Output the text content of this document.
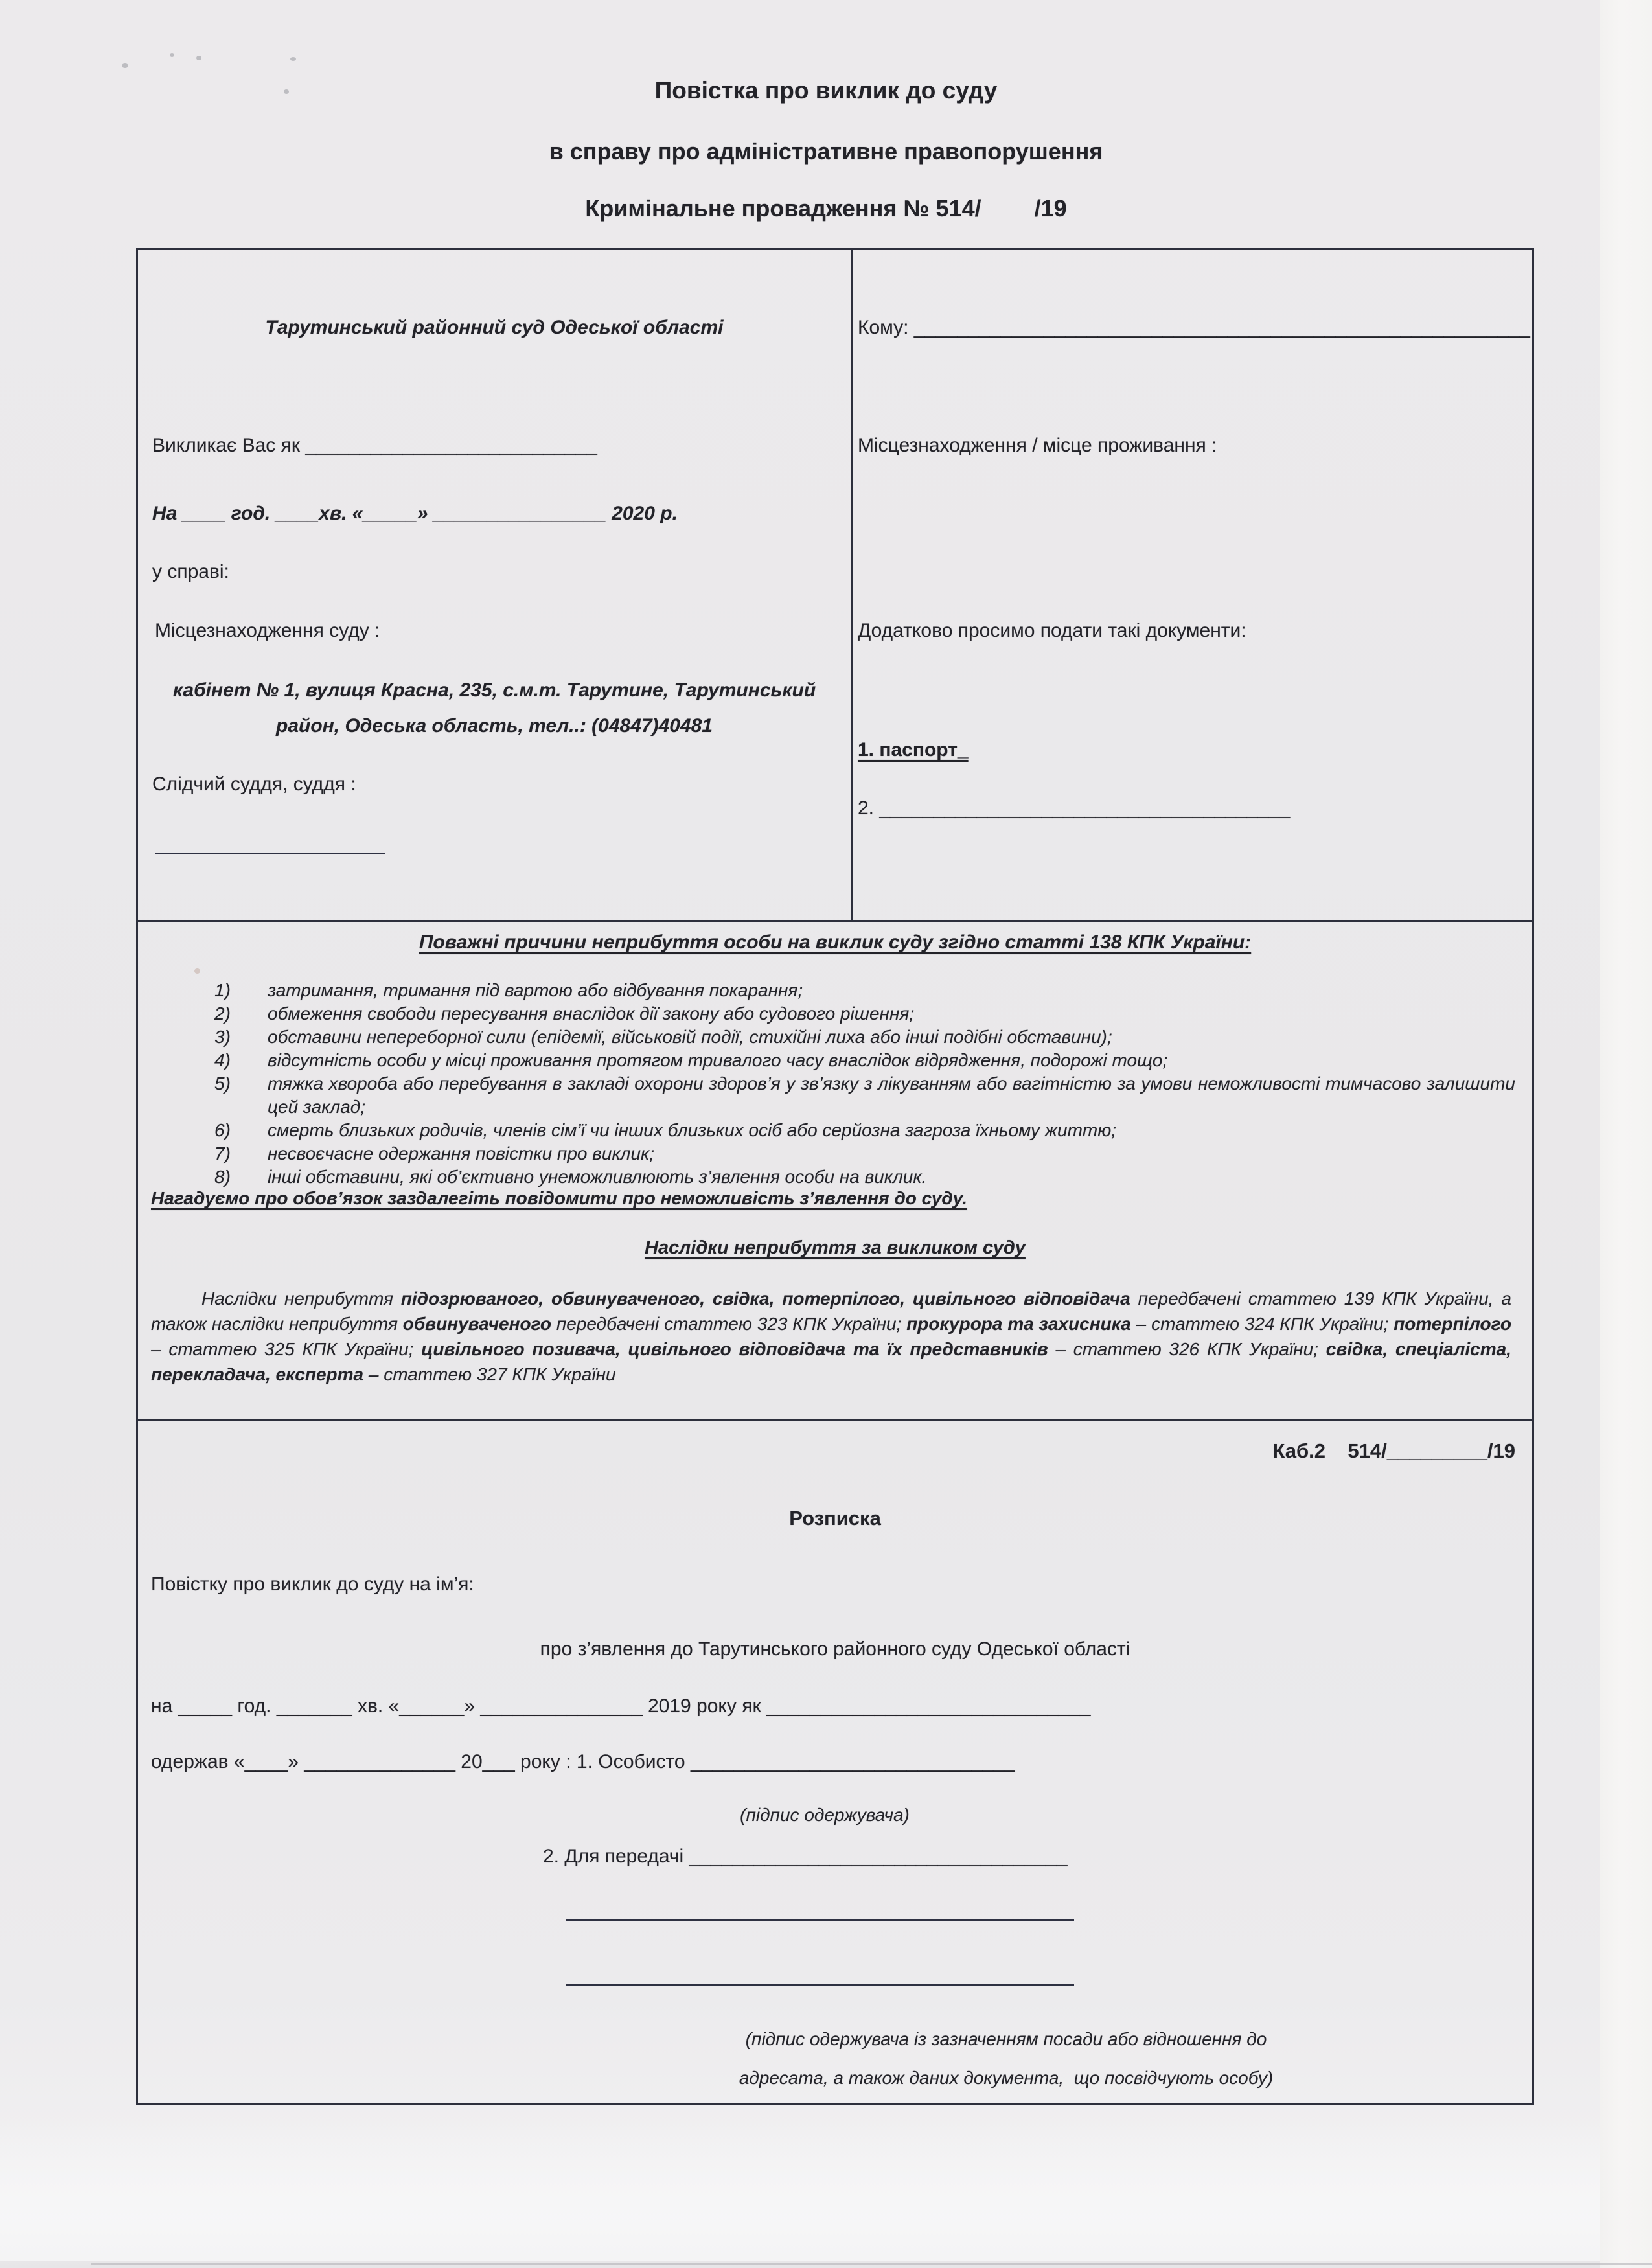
Повістка про виклик до суду
в справу про адміністративне правопорушення
Кримінальне провадження № 514/ /19
Тарутинський районний суд Одеської області
Викликає Вас як ___________________________
На ____ год. ____хв. «_____» ________________ 2020 р.
у справі:
Місцезнаходження суду :
кабінет № 1, вулиця Красна, 235, с.м.т. Тарутине, Тарутинський
район, Одеська область, тел..: (04847)40481
Слідчий суддя, суддя :
Кому: _________________________________________________________
Місцезнаходження / місце проживання :
Додатково просимо подати такі документи:
1. паспорт_
2. ______________________________________
Поважні причини неприбуття особи на виклик суду згідно статті 138 КПК України:
1)	затримання, тримання під вартою або відбування покарання;
2)	обмеження свободи пересування внаслідок дії закону або судового рішення;
3)	обставини непереборної сили (епідемії, військовій події, стихійні лиха або інші подібні обставини);
4)	відсутність особи у місці проживання протягом тривалого часу внаслідок відрядження, подорожі тощо;
5)	тяжка хвороба або перебування в закладі охорони здоров’я у зв’язку з лікуванням або вагітністю за умови неможливості тимчасово залишити цей заклад;
6)	смерть близьких родичів, членів сім’ї чи інших близьких осіб або серйозна загроза їхньому життю;
7)	несвоєчасне одержання повістки про виклик;
8)	інші обставини, які об’єктивно унеможливлюють з’явлення особи на виклик.
Нагадуємо про обов’язок заздалегіть повідомити про неможливість з’явлення до суду.
Наслідки неприбуття за викликом суду
Наслідки неприбуття підозрюваного, обвинуваченого, свідка, потерпілого, цивільного відповідача передбачені статтею 139 КПК України, а також наслідки неприбуття обвинуваченого передбачені статтею 323 КПК України; прокурора та захисника – статтею 324 КПК України; потерпілого – статтею 325 КПК України; цивільного позивача, цивільного відповідача та їх представників – статтею 326 КПК України; свідка, спеціаліста, перекладача, експерта – статтею 327 КПК України
Каб.2    514/_________/19
Розписка
Повістку про виклик до суду на ім’я:
про з’явлення до Тарутинського районного суду Одеської області
на _____ год. _______ хв. «______» _______________ 2019 року як ______________________________
одержав «____» ______________ 20___ року : 1. Особисто ______________________________
(підпис одержувача)
2. Для передачі ___________________________________
(підпис одержувача із зазначенням посади або відношення до
адресата, а також даних документа,  що посвідчують особу)
